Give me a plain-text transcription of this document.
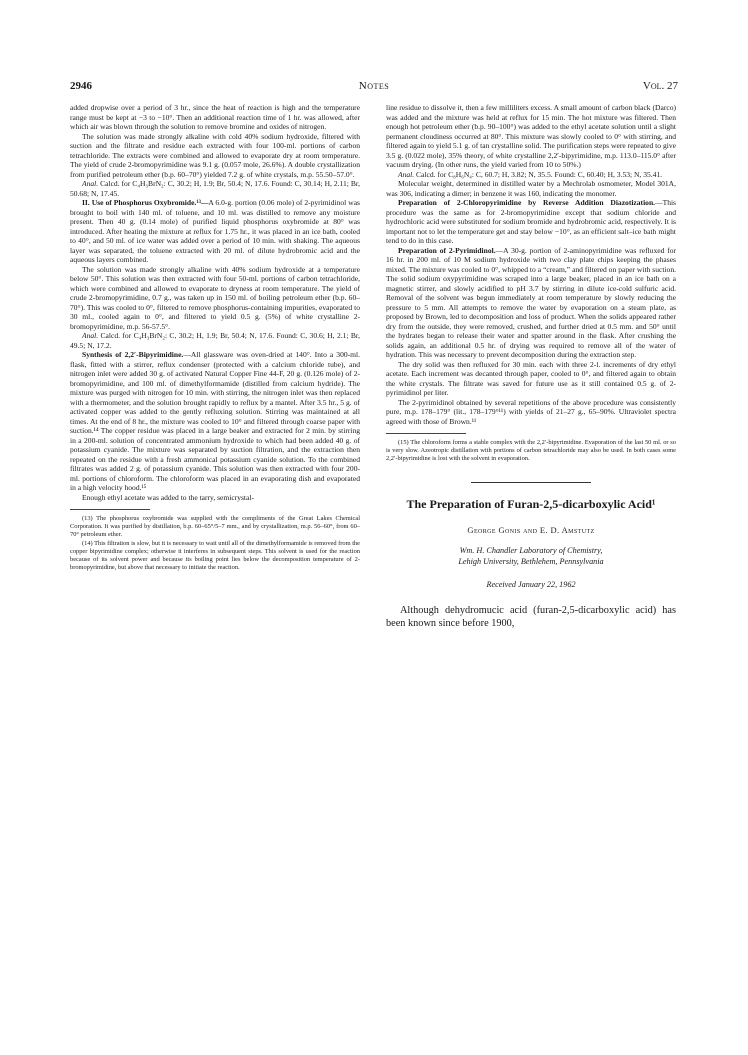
2946	Notes	Vol. 27

added dropwise over a period of 3 hr., since the heat of reaction is high and the temperature range must be kept at −3 to −10°. Then an additional reaction time of 1 hr. was allowed, after which air was blown through the solution to remove bromine and oxides of nitrogen.

The solution was made strongly alkaline with cold 40% sodium hydroxide, filtered with suction and the filtrate and residue each extracted with four 100-ml. portions of carbon tetrachloride. The extracts were combined and allowed to evaporate dry at room temperature. The yield of crude 2-bromopyrimidine was 9.1 g. (0.057 mole, 26.6%). A double crystallization from purified petroleum ether (b.p. 60–70°) yielded 7.2 g. of white crystals, m.p. 55.50–57.0°.

Anal. Calcd. for C₄H₃BrN₂: C, 30.2; H, 1.9; Br, 50.4; N, 17.6. Found: C, 30.14; H, 2.11; Br, 50.68; N, 17.45.

II. Use of Phosphorus Oxybromide.¹³—A 6.0-g. portion (0.06 mole) of 2-pyrimidinol was brought to boil with 140 ml. of toluene, and 10 ml. was distilled to remove any moisture present. Then 40 g. (0.14 mole) of purified liquid phosphorus oxybromide at 80° was introduced. After heating the mixture at reflux for 1.75 hr., it was placed in an ice bath, cooled to 40°, and 50 ml. of ice water was added over a period of 10 min. with shaking. The aqueous layer was separated, the toluene extracted with 20 ml. of dilute hydrobromic acid and the aqueous layers combined.

The solution was made strongly alkaline with 40% sodium hydroxide at a temperature below 50°. This solution was then extracted with four 50-ml. portions of carbon tetrachloride, which were combined and allowed to evaporate to dryness at room temperature. The yield of crude 2-bromopyrimidine, 0.7 g., was taken up in 150 ml. of boiling petroleum ether (b.p. 60–70°). This was cooled to 0°, filtered to remove phosphorus-containing impurities, evaporated to 30 ml., cooled again to 0°, and filtered to yield 0.5 g. (5%) of white crystalline 2-bromopyrimidine, m.p. 56-57.5°.

Anal. Calcd. for C₄H₃BrN₂: C, 30.2; H, 1.9; Br, 50.4; N, 17.6. Found: C, 30.6; H, 2.1; Br, 49.5; N, 17.2.

Synthesis of 2,2′-Bipyrimidine.—All glassware was oven-dried at 140°. Into a 300-ml. flask, fitted with a stirrer, reflux condenser (protected with a calcium chloride tube), and nitrogen inlet were added 30 g. of activated Natural Copper Fine 44-F, 20 g. (0.126 mole) of 2-bromopyrimidine, and 100 ml. of dimethylformamide (distilled from calcium hydride). The mixture was purged with nitrogen for 10 min. with stirring, the nitrogen inlet was then replaced with a thermometer, and the solution brought rapidly to reflux by a mantel. After 3.5 hr., 5 g. of activated copper was added to the gently refluxing solution. Stirring was maintained at all times. At the end of 8 hr., the mixture was cooled to 10° and filtered through coarse paper with suction.¹⁴ The copper residue was placed in a large beaker and extracted for 2 min. by stirring in a 200-ml. solution of concentrated ammonium hydroxide to which had been added 40 g. of potassium cyanide. The mixture was separated by suction filtration, and the extraction then repeated on the residue with a fresh ammonical potassium cyanide solution. To the combined filtrates was added 2 g. of potassium cyanide. This solution was then extracted with four 200-ml. portions of chloroform. The chloroform was placed in an evaporating dish and evaporated in a high velocity hood.¹⁵

Enough ethyl acetate was added to the tarry, semicrystal-

(13) The phosphorus oxybromide was supplied with the compliments of the Great Lakes Chemical Corporation. It was purified by distillation, b.p. 60–65°/5–7 mm., and by crystallization, m.p. 56–60°, from 60–70° petroleum ether.

(14) This filtration is slow, but it is necessary to wait until all of the dimethylformamide is removed from the copper bipyrimidine complex; otherwise it interferes in subsequent steps. This solvent is used for the reaction because of its solvent power and because its boiling point lies below the decomposition temperature of 2-bromopyrimidine, but above that necessary to initiate the reaction.

line residue to dissolve it, then a few milliliters excess. A small amount of carbon black (Darco) was added and the mixture was held at reflux for 15 min. The hot mixture was filtered. Then enough hot petroleum ether (b.p. 90–100°) was added to the ethyl acetate solution until a slight permanent cloudiness occurred at 80°. This mixture was slowly cooled to 0° with stirring, and filtered again to yield 5.1 g. of tan crystalline solid. The purification steps were repeated to give 3.5 g. (0.022 mole), 35% theory, of white crystalline 2,2′-bipyrimidine, m.p. 113.0–115.0° after vacuum drying. (In other runs, the yield varied from 10 to 50%.)

Anal. Calcd. for C₈H₆N₄: C, 60.7; H, 3.82; N, 35.5. Found: C, 60.40; H, 3.53; N, 35.41.

Molecular weight, determined in distilled water by a Mechrolab osmometer, Model 301A, was 306, indicating a dimer; in benzene it was 160, indicating the monomer.

Preparation of 2-Chloropyrimidine by Reverse Addition Diazotization.—This procedure was the same as for 2-bromopyrimidine except that sodium chloride and hydrochloric acid were substituted for sodium bromide and hydrobromic acid, respectively. It is important not to let the temperature get and stay below −10°, as an efficient salt–ice bath might tend to do in this case.

Preparation of 2-Pyrimidinol.—A 30-g. portion of 2-aminopyrimidine was refluxed for 16 hr. in 200 ml. of 10 M sodium hydroxide with two clay plate chips keeping the phases mixed. The mixture was cooled to 0°, whipped to a “cream,” and filtered on paper with suction. The solid sodium oxypyrimidine was scraped into a large beaker, placed in an ice bath on a magnetic stirrer, and slowly acidified to pH 3.7 by stirring in dilute ice-cold sulfuric acid. Removal of the solvent was begun immediately at room temperature by slowly reducing the pressure to 5 mm. All attempts to remove the water by evaporation on a steam plate, as proposed by Brown, led to decomposition and loss of product. When the solids appeared rather dry from the outside, they were removed, crushed, and further dried at 0.5 mm. and 50° until the hydrates began to release their water and spatter around in the flask. After crushing the solids again, an additional 0.5 hr. of drying was required to remove all of the water of hydration. This was necessary to prevent decomposition during the extraction step.

The dry solid was then refluxed for 30 min. each with three 2-l. increments of dry ethyl acetate. Each increment was decanted through paper, cooled to 0°, and filtered again to obtain the white crystals. The filtrate was saved for future use as it still contained 0.5 g. of 2-pyrimidinol per liter.

The 2-pyrimidinol obtained by several repetitions of the above procedure was consistently pure, m.p. 178–179° (lit., 178–179°¹¹) with yields of 21–27 g., 65–90%. Ultraviolet spectra agreed with those of Brown.¹¹

(15) The chloroform forms a stable complex with the 2,2′-bipyrimidine. Evaporation of the last 50 ml. or so is very slow. Azeotropic distillation with portions of carbon tetrachloride may also be used. In both cases some 2,2′-bipyrimidine is lost with the solvent in evaporation.

The Preparation of Furan-2,5-dicarboxylic Acid¹
George Gonis and E. D. Amstutz
Wm. H. Chandler Laboratory of Chemistry,
Lehigh University, Bethlehem, Pennsylvania
Received January 22, 1962
Although dehydromucic acid (furan-2,5-dicarboxylic acid) has been known since before 1900,
